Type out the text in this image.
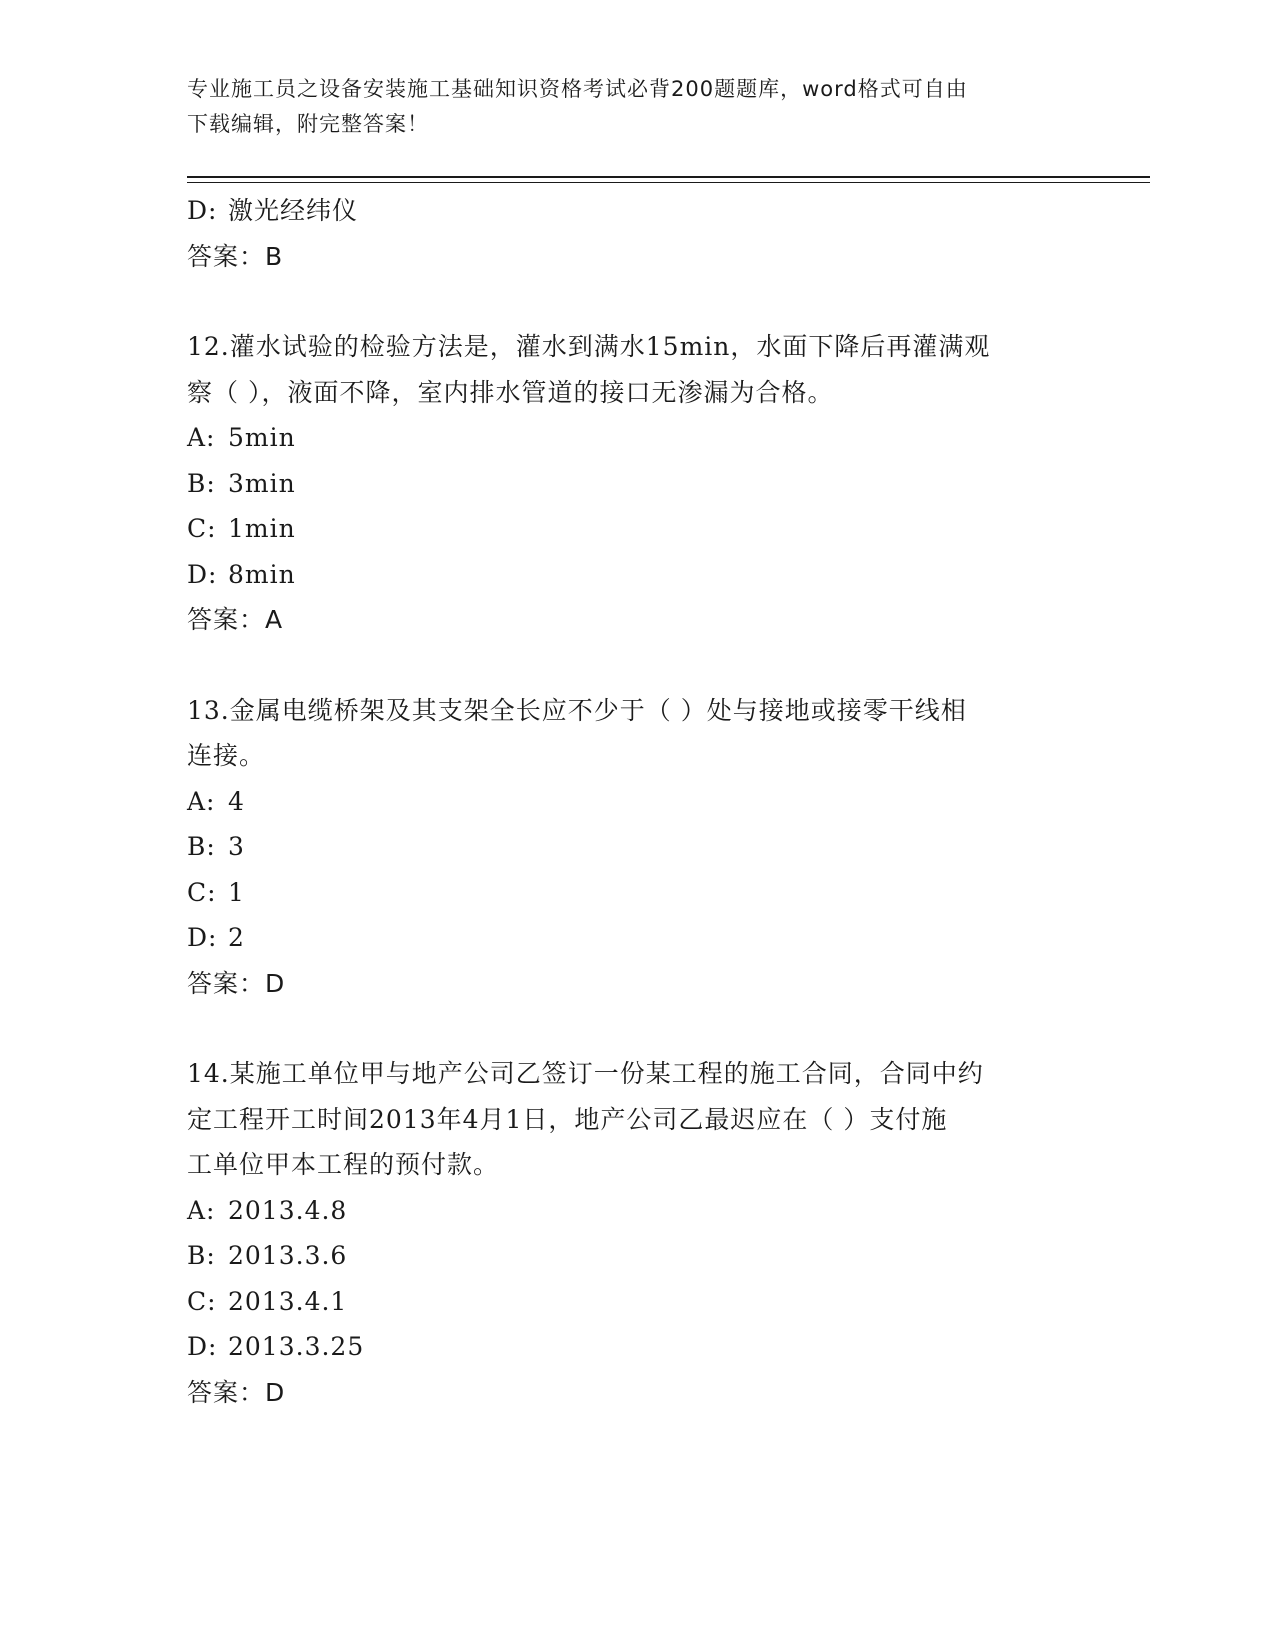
专业施工员之设备安装施工基础知识资格考试必背200题题库，word格式可自由
下载编辑，附完整答案！
D: 激光经纬仪
答案：B
12.灌水试验的检验方法是，灌水到满水15min，水面下降后再灌满观
察（ ），液面不降，室内排水管道的接口无渗漏为合格。
A: 5min
B: 3min
C: 1min
D: 8min
答案：A
13.金属电缆桥架及其支架全长应不少于（ ）处与接地或接零干线相
连接。
A: 4
B: 3
C: 1
D: 2
答案：D
14.某施工单位甲与地产公司乙签订一份某工程的施工合同，合同中约
定工程开工时间2013年4月1日，地产公司乙最迟应在（ ）支付施
工单位甲本工程的预付款。
A: 2013.4.8
B: 2013.3.6
C: 2013.4.1
D: 2013.3.25
答案：D
